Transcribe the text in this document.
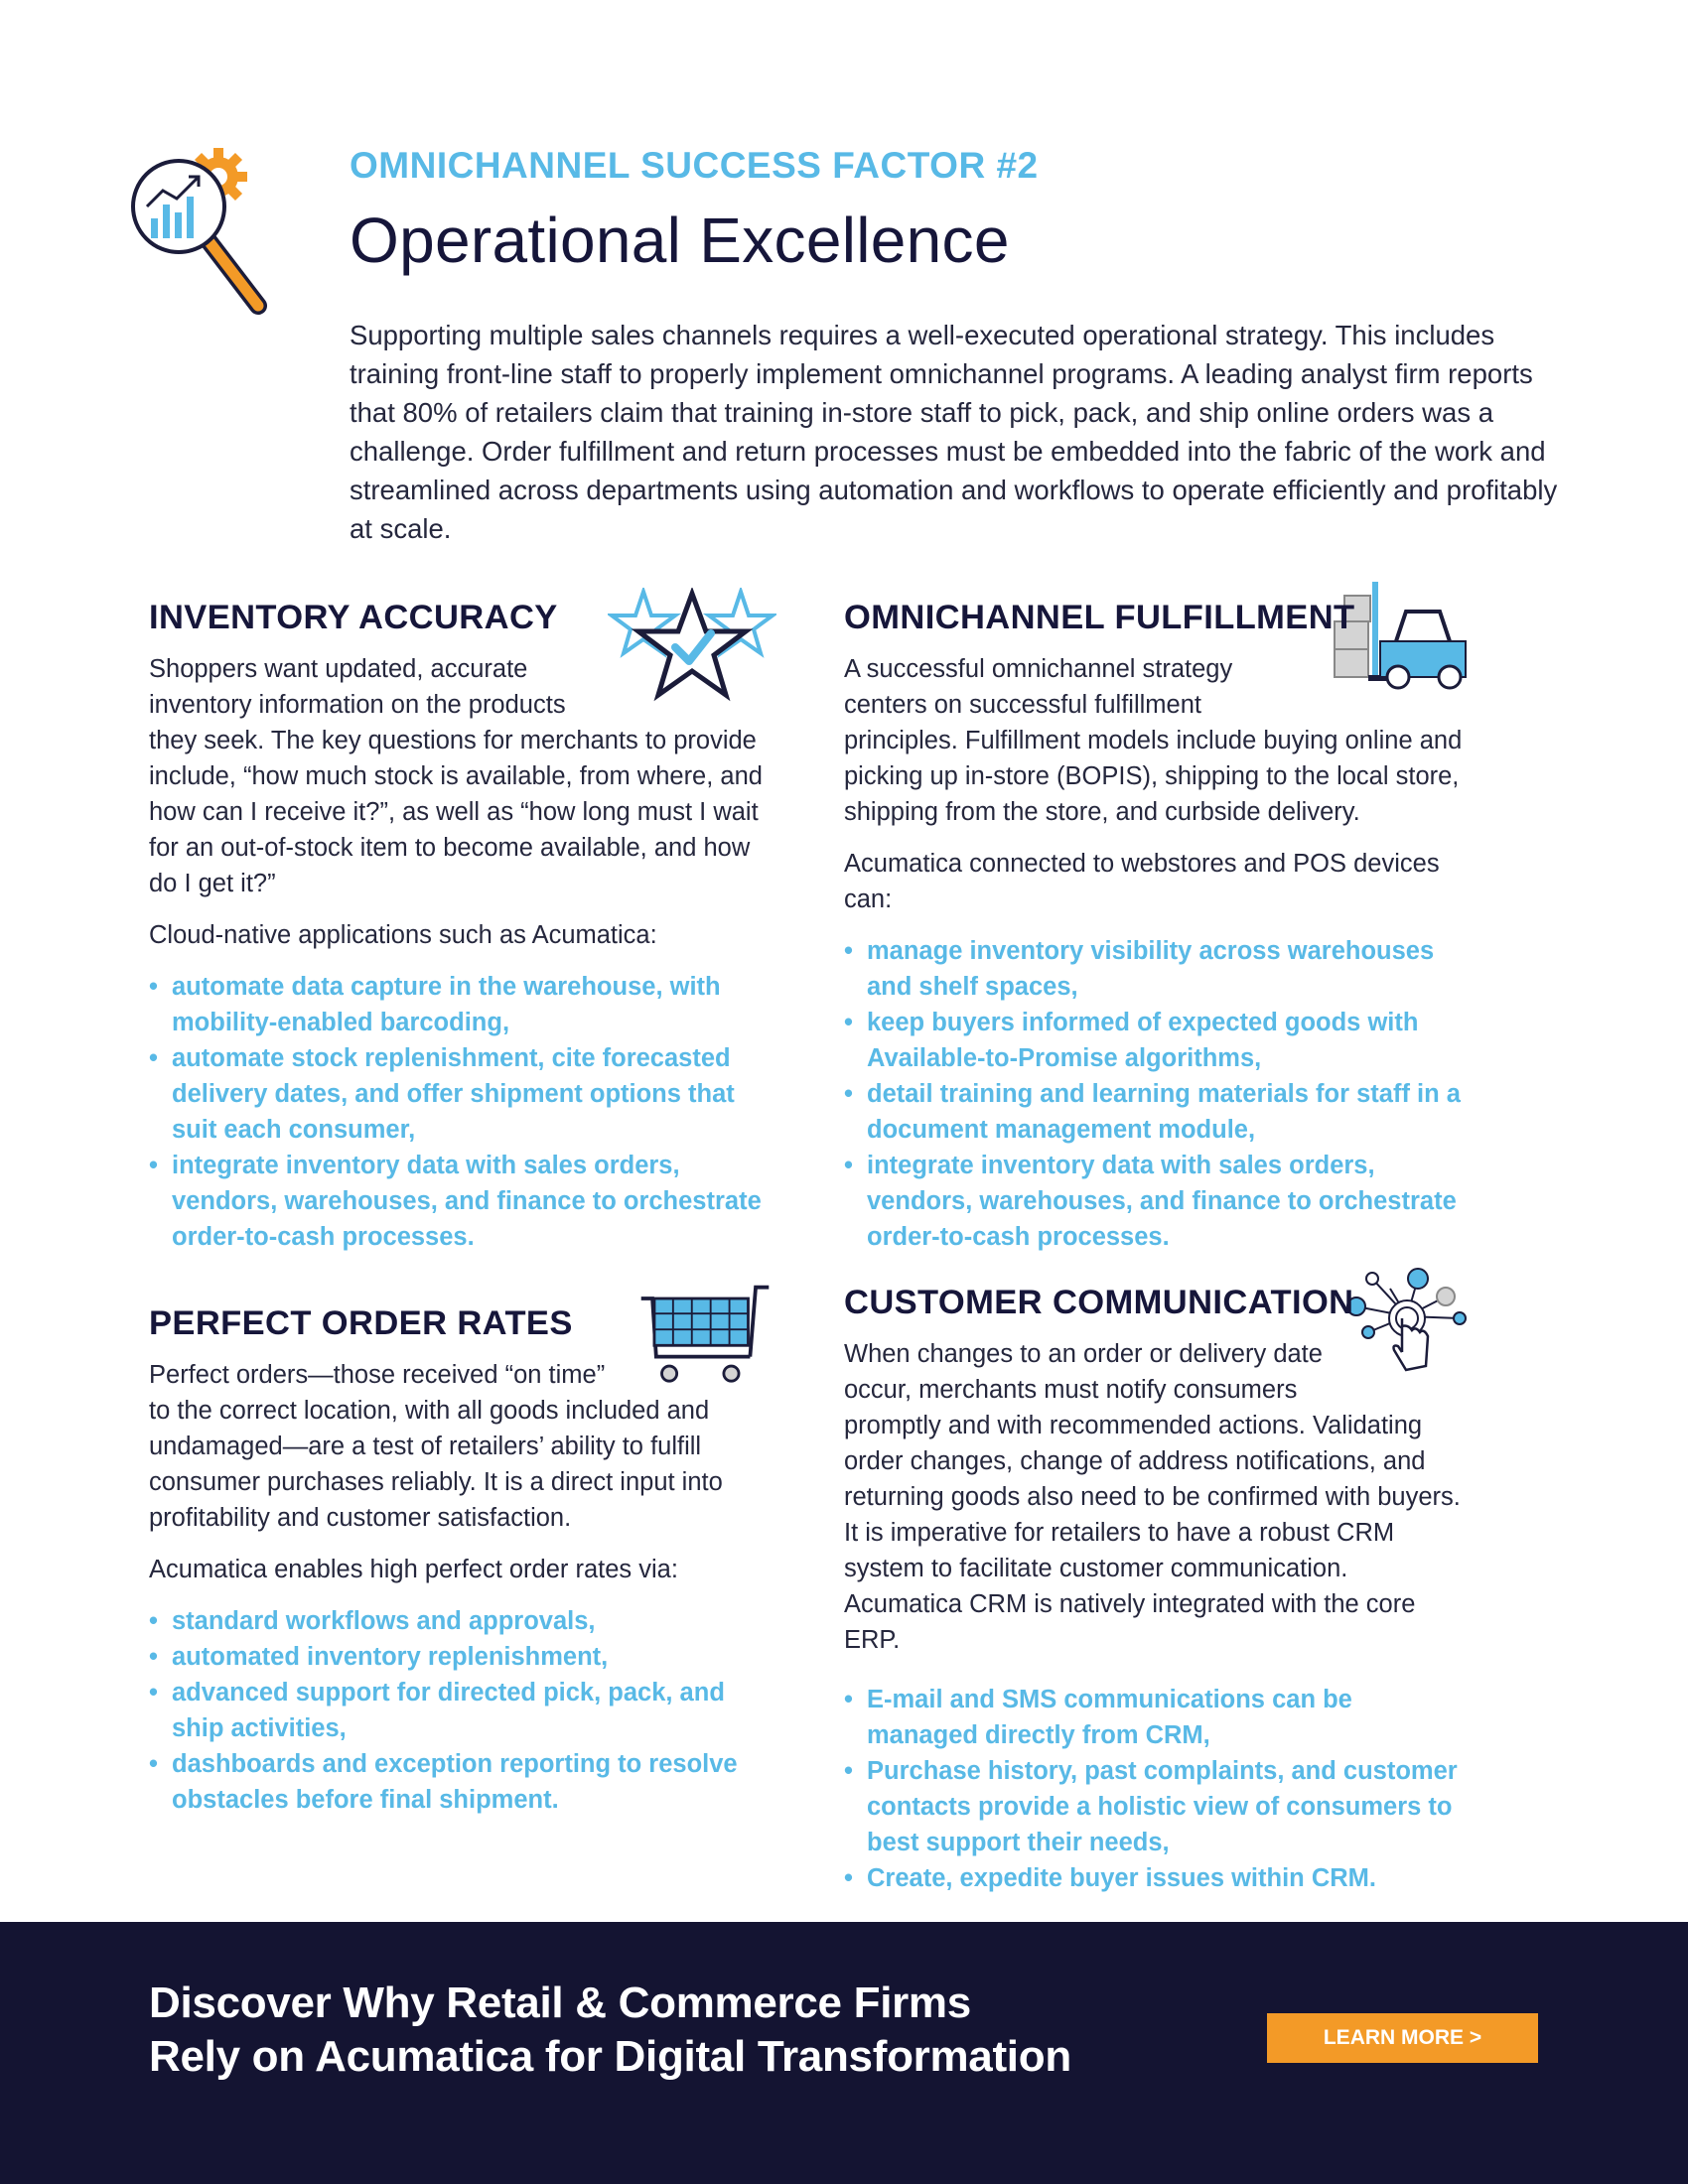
OMNICHANNEL SUCCESS FACTOR #2
Operational Excellence

Supporting multiple sales channels requires a well-executed operational strategy. This includes training front-line staff to properly implement omnichannel programs. A leading analyst firm reports that 80% of retailers claim that training in-store staff to pick, pack, and ship online orders was a challenge. Order fulfillment and return processes must be embedded into the fabric of the work and streamlined across departments using automation and workflows to operate efficiently and profitably at scale.

INVENTORY ACCURACY

Shoppers want updated, accurate inventory information on the products they seek. The key questions for merchants to provide include, “how much stock is available, from where, and how can I receive it?”, as well as “how long must I wait for an out-of-stock item to become available, and how do I get it?”

Cloud-native applications such as Acumatica:

• automate data capture in the warehouse, with mobility-enabled barcoding,
• automate stock replenishment, cite forecasted delivery dates, and offer shipment options that suit each consumer,
• integrate inventory data with sales orders, vendors, warehouses, and finance to orchestrate order-to-cash processes.
OMNICHANNEL FULFILLMENT

A successful omnichannel strategy centers on successful fulfillment principles. Fulfillment models include buying online and picking up in-store (BOPIS), shipping to the local store, shipping from the store, and curbside delivery.

Acumatica connected to webstores and POS devices can:

• manage inventory visibility across warehouses and shelf spaces,
• keep buyers informed of expected goods with Available-to-Promise algorithms,
• detail training and learning materials for staff in a document management module,
• integrate inventory data with sales orders, vendors, warehouses, and finance to orchestrate order-to-cash processes.
PERFECT ORDER RATES

Perfect orders—those received “on time” to the correct location, with all goods included and undamaged—are a test of retailers’ ability to fulfill consumer purchases reliably. It is a direct input into profitability and customer satisfaction.

Acumatica enables high perfect order rates via:

• standard workflows and approvals,
• automated inventory replenishment,
• advanced support for directed pick, pack, and ship activities,
• dashboards and exception reporting to resolve obstacles before final shipment.
CUSTOMER COMMUNICATION

When changes to an order or delivery date occur, merchants must notify consumers promptly and with recommended actions. Validating order changes, change of address notifications, and returning goods also need to be confirmed with buyers. It is imperative for retailers to have a robust CRM system to facilitate customer communication. Acumatica CRM is natively integrated with the core ERP.

• E-mail and SMS communications can be managed directly from CRM,
• Purchase history, past complaints, and customer contacts provide a holistic view of consumers to best support their needs,
• Create, expedite buyer issues within CRM.
Discover Why Retail & Commerce Firms
Rely on Acumatica for Digital Transformation	LEARN MORE >
